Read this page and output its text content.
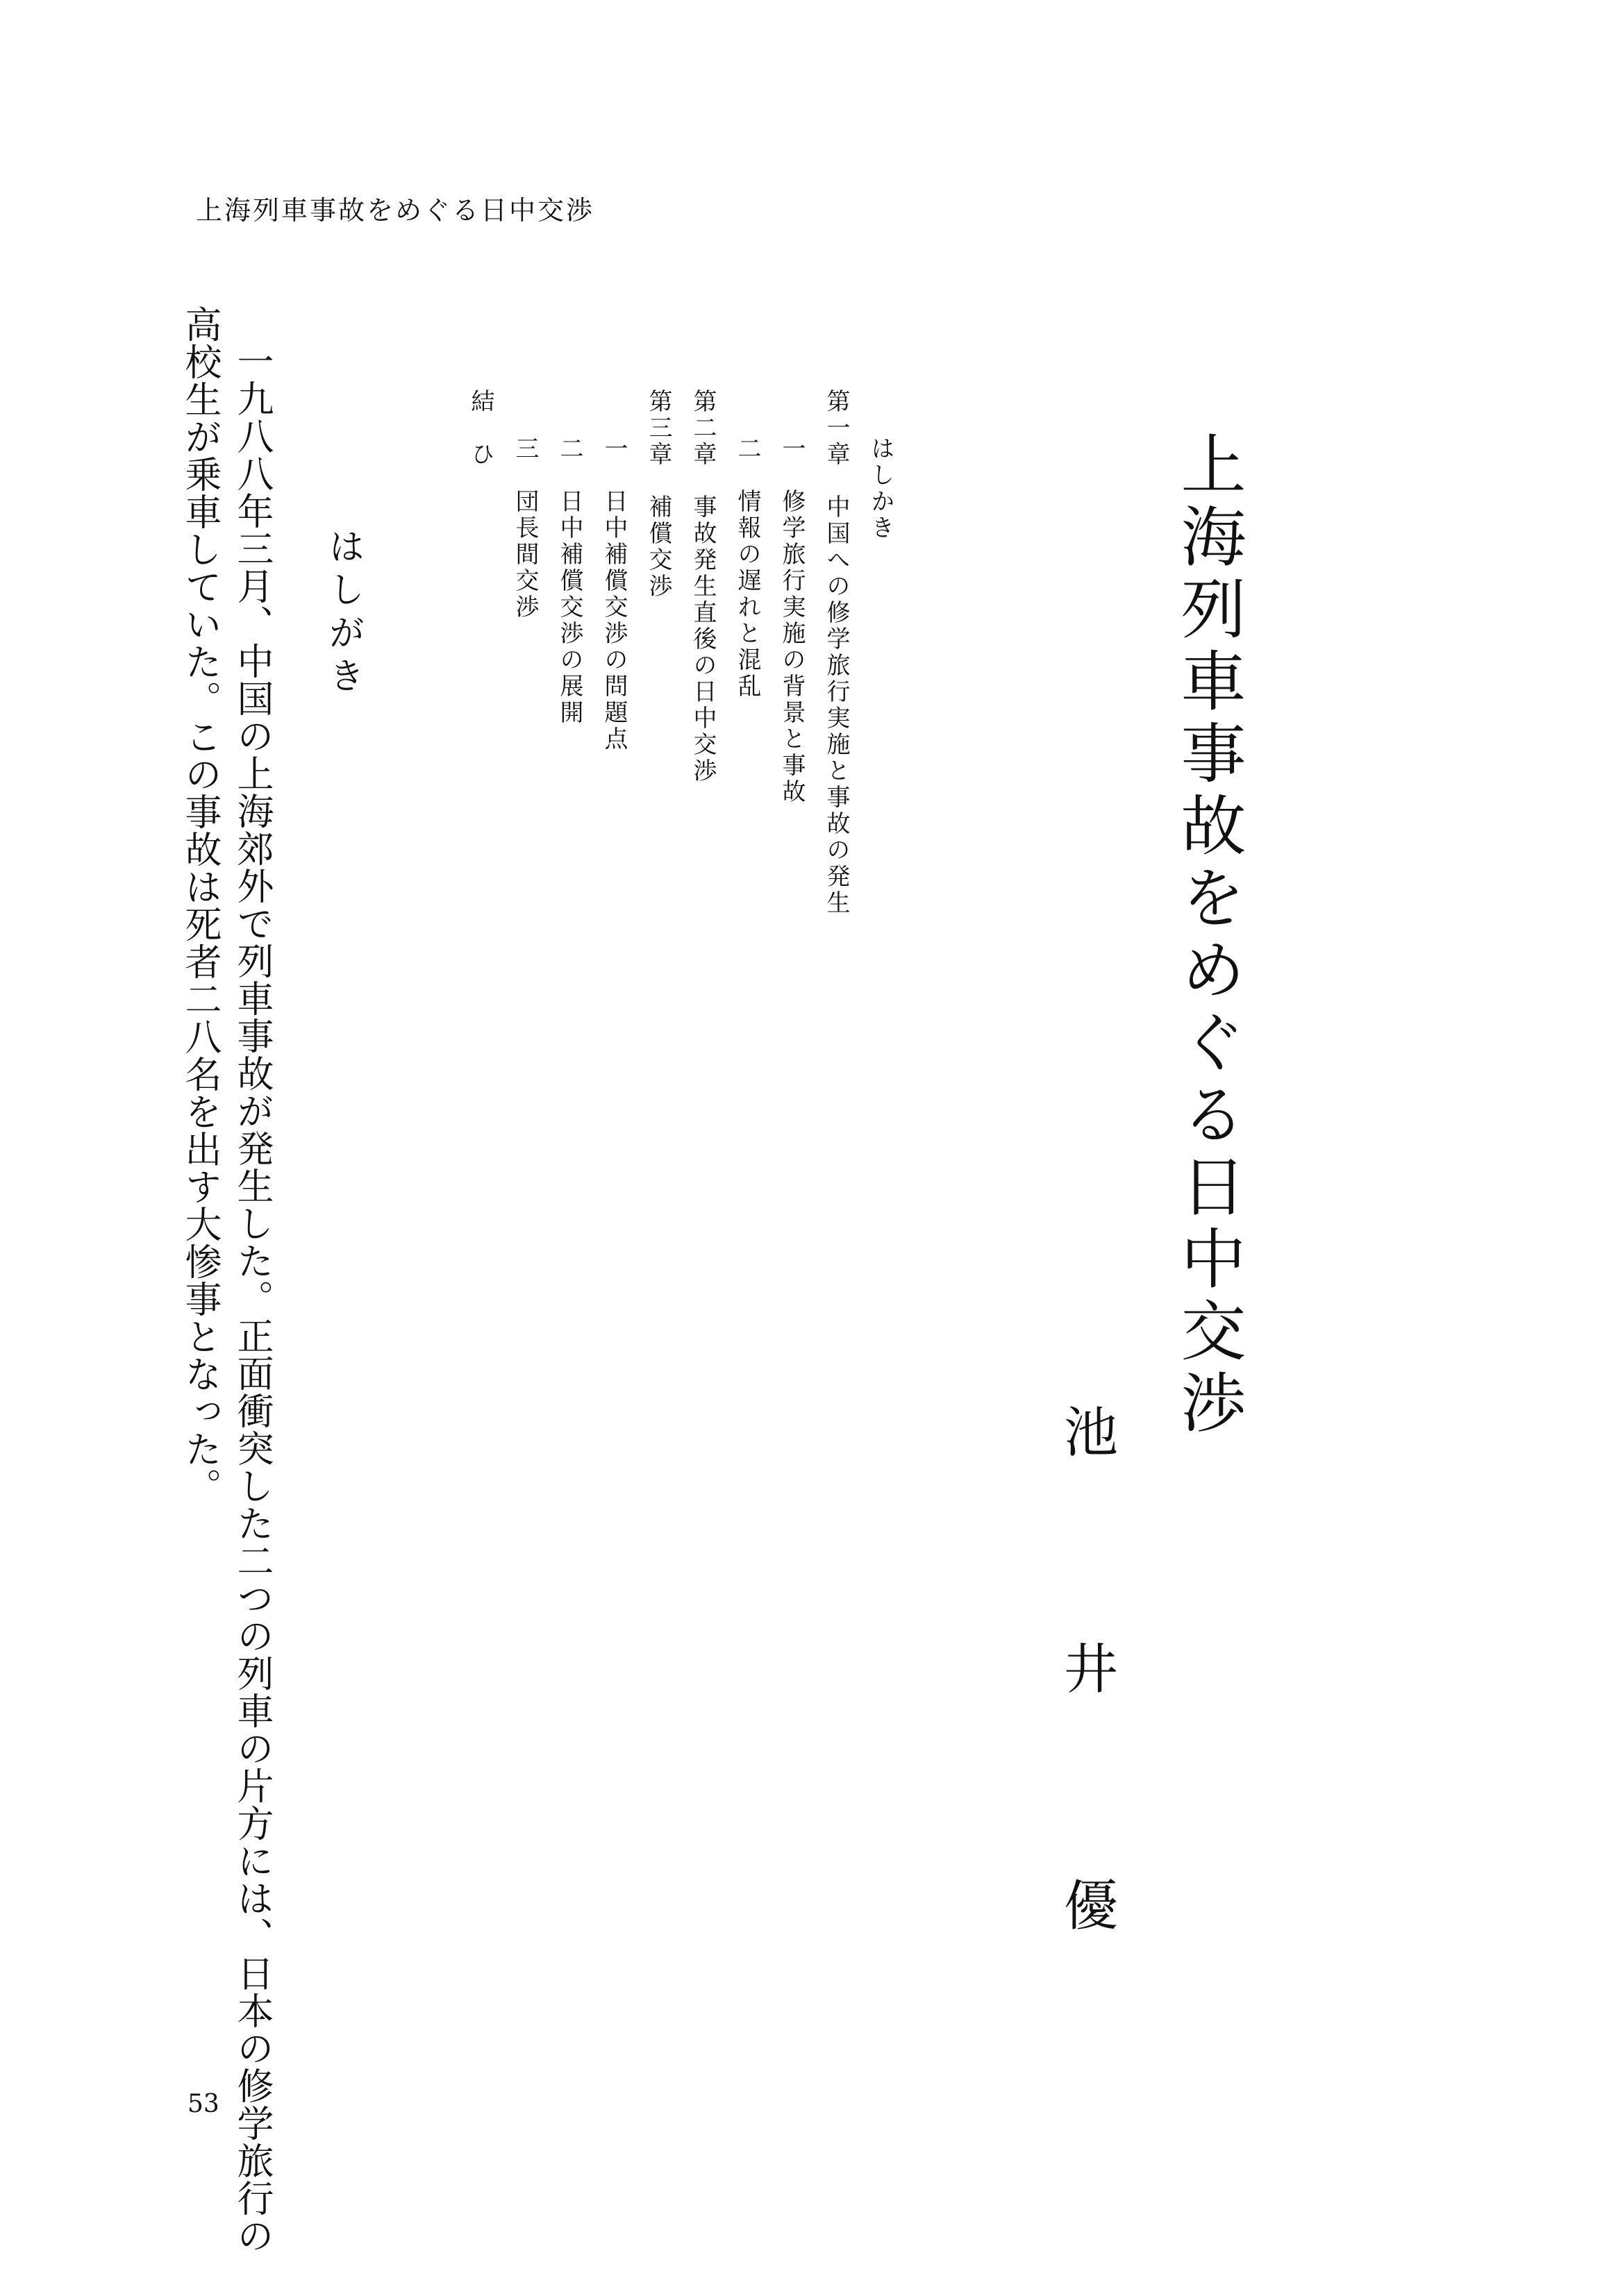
上海列車事故をめぐる日中交渉
上海列車事故をめぐる日中交渉
池
井
優
はしかき
第一章　中国への修学旅行実施と事故の発生
一　修学旅行実施の背景と事故
二　情報の遅れと混乱
第二章　事故発生直後の日中交渉
第三章　補償交渉
一　日中補償交渉の問題点
二　日中補償交渉の展開
三　団長間交渉
結　ひ
はしがき
一九八八年三月、中国の上海郊外で列車事故が発生した。正面衝突した二つの列車の片方には、日本の修学旅行の
高校生が乗車していた。この事故は死者二八名を出す大惨事となった。
53
